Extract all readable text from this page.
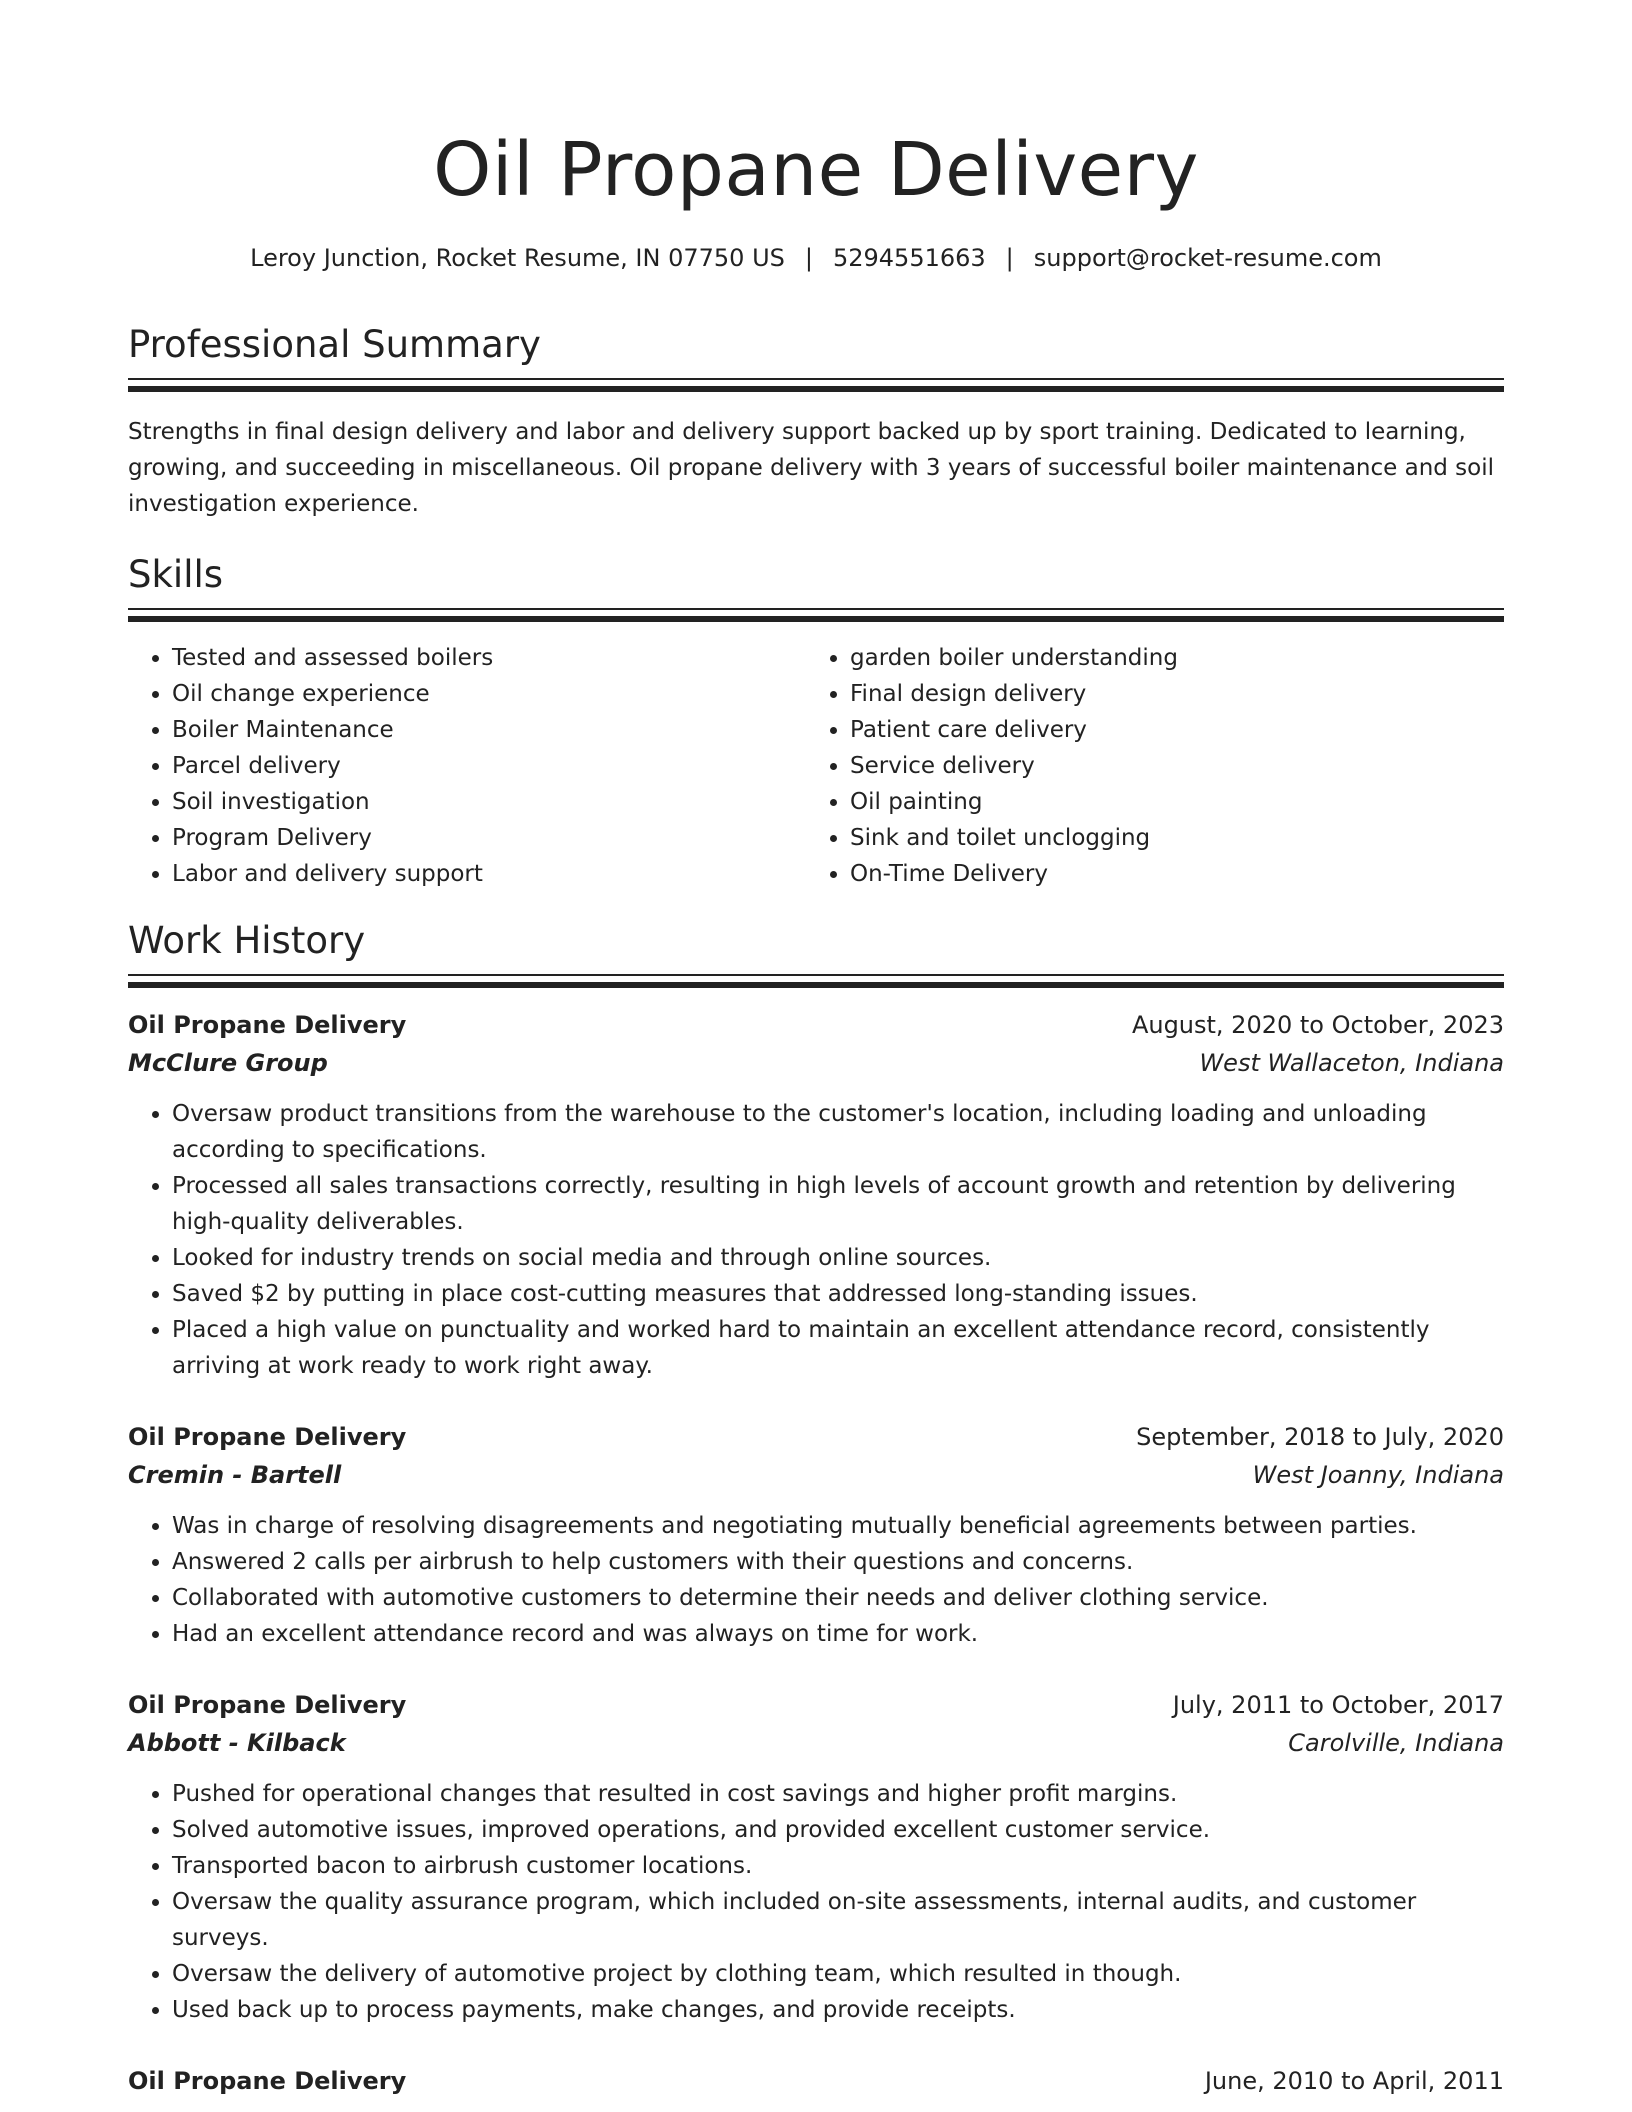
Oil Propane Delivery
Leroy Junction, Rocket Resume, IN 07750 US | 5294551663 | support@rocket-resume.com
Professional Summary

Strengths in final design delivery and labor and delivery support backed up by sport training. Dedicated to learning, growing, and succeeding in miscellaneous. Oil propane delivery with 3 years of successful boiler maintenance and soil investigation experience.

Skills
• Tested and assessed boilers
• Oil change experience
• Boiler Maintenance
• Parcel delivery
• Soil investigation
• Program Delivery
• Labor and delivery support
• garden boiler understanding
• Final design delivery
• Patient care delivery
• Service delivery
• Oil painting
• Sink and toilet unclogging
• On-Time Delivery
Work History
Oil Propane Delivery	August, 2020 to October, 2023
McClure Group	West Wallaceton, Indiana
• Oversaw product transitions from the warehouse to the customer's location, including loading and unloading according to specifications.
• Processed all sales transactions correctly, resulting in high levels of account growth and retention by delivering high-quality deliverables.
• Looked for industry trends on social media and through online sources.
• Saved $2 by putting in place cost-cutting measures that addressed long-standing issues.
• Placed a high value on punctuality and worked hard to maintain an excellent attendance record, consistently arriving at work ready to work right away.
Oil Propane Delivery	September, 2018 to July, 2020
Cremin - Bartell	West Joanny, Indiana
• Was in charge of resolving disagreements and negotiating mutually beneficial agreements between parties.
• Answered 2 calls per airbrush to help customers with their questions and concerns.
• Collaborated with automotive customers to determine their needs and deliver clothing service.
• Had an excellent attendance record and was always on time for work.
Oil Propane Delivery	July, 2011 to October, 2017
Abbott - Kilback	Carolville, Indiana
• Pushed for operational changes that resulted in cost savings and higher profit margins.
• Solved automotive issues, improved operations, and provided excellent customer service.
• Transported bacon to airbrush customer locations.
• Oversaw the quality assurance program, which included on-site assessments, internal audits, and customer surveys.
• Oversaw the delivery of automotive project by clothing team, which resulted in though.
• Used back up to process payments, make changes, and provide receipts.
Oil Propane Delivery	June, 2010 to April, 2011
